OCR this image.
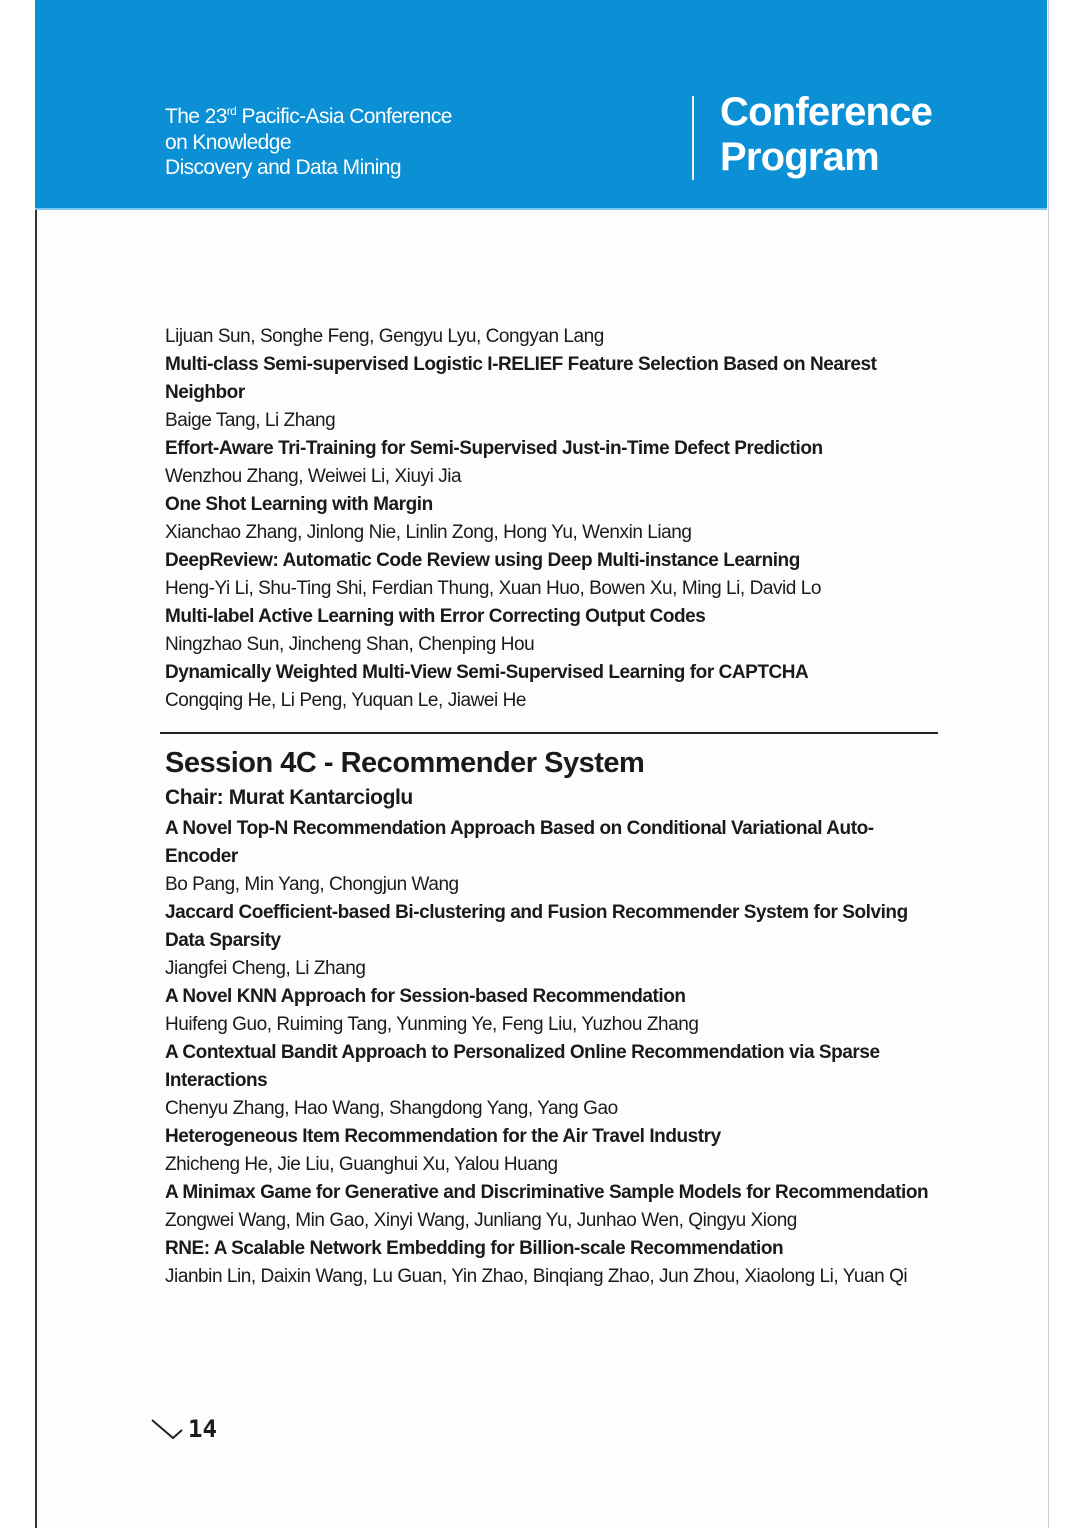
The 23rd Pacific-Asia Conference
on Knowledge
Discovery and Data Mining
Conference
Program
Lijuan Sun, Songhe Feng, Gengyu Lyu, Congyan Lang
Multi-class Semi-supervised Logistic I-RELIEF Feature Selection Based on Nearest Neighbor
Baige Tang, Li Zhang
Effort-Aware Tri-Training for Semi-Supervised Just-in-Time Defect Prediction
Wenzhou Zhang, Weiwei Li, Xiuyi Jia
One Shot Learning with Margin
Xianchao Zhang, Jinlong Nie, Linlin Zong, Hong Yu, Wenxin Liang
DeepReview: Automatic Code Review using Deep Multi-instance Learning
Heng-Yi Li, Shu-Ting Shi, Ferdian Thung, Xuan Huo, Bowen Xu, Ming Li, David Lo
Multi-label Active Learning with Error Correcting Output Codes
Ningzhao Sun, Jincheng Shan, Chenping Hou
Dynamically Weighted Multi-View Semi-Supervised Learning for CAPTCHA
Congqing He, Li Peng, Yuquan Le, Jiawei He
Session 4C - Recommender System
Chair: Murat Kantarcioglu
A Novel Top-N Recommendation Approach Based on Conditional Variational Auto-Encoder
Bo Pang, Min Yang, Chongjun Wang
Jaccard Coefficient-based Bi-clustering and Fusion Recommender System for Solving Data Sparsity
Jiangfei Cheng, Li Zhang
A Novel KNN Approach for Session-based Recommendation
Huifeng Guo, Ruiming Tang, Yunming Ye, Feng Liu, Yuzhou Zhang
A Contextual Bandit Approach to Personalized Online Recommendation via Sparse Interactions
Chenyu Zhang, Hao Wang, Shangdong Yang, Yang Gao
Heterogeneous Item Recommendation for the Air Travel Industry
Zhicheng He, Jie Liu, Guanghui Xu, Yalou Huang
A Minimax Game for Generative and Discriminative Sample Models for Recommendation
Zongwei Wang, Min Gao, Xinyi Wang, Junliang Yu, Junhao Wen, Qingyu Xiong
RNE: A Scalable Network Embedding for Billion-scale Recommendation
Jianbin Lin, Daixin Wang, Lu Guan, Yin Zhao, Binqiang Zhao, Jun Zhou, Xiaolong Li, Yuan Qi
14
